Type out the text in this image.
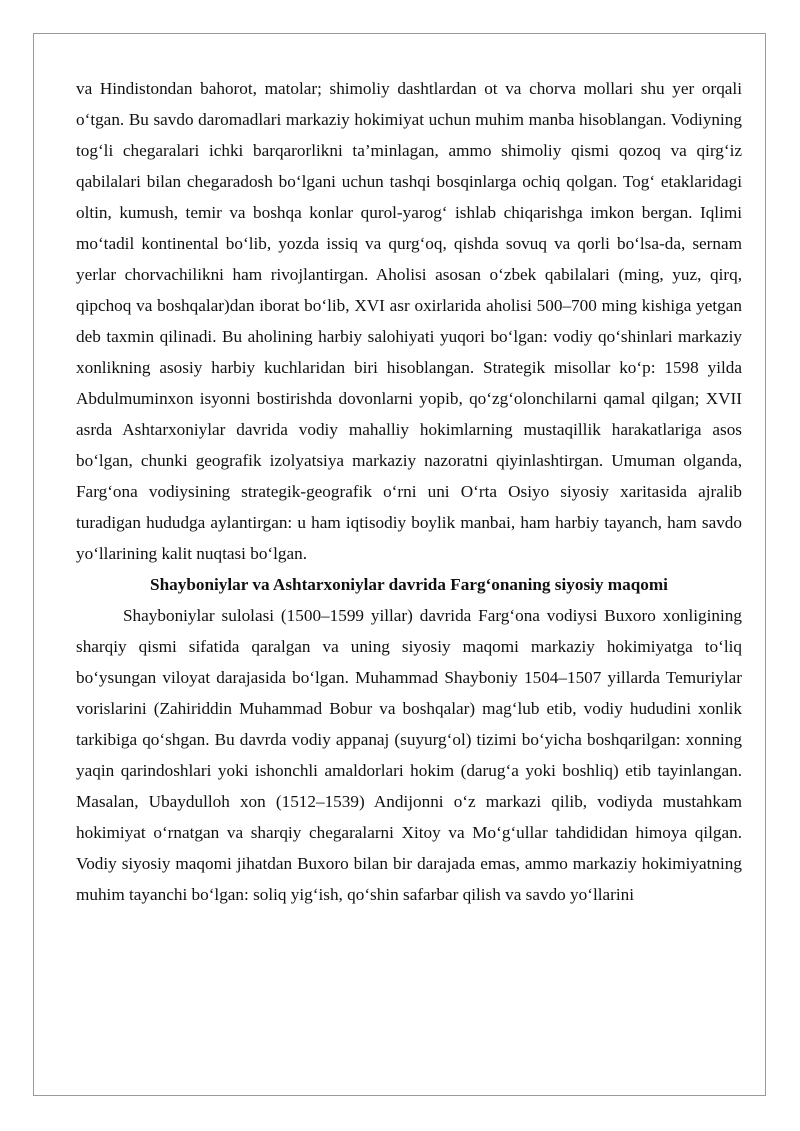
va Hindistondan bahorot, matolar; shimoliy dashtlardan ot va chorva mollari shu yer orqali o‘tgan. Bu savdo daromadlari markaziy hokimiyat uchun muhim manba hisoblangan. Vodiyning tog‘li chegaralari ichki barqarorlikni ta’minlagan, ammo shimoliy qismi qozoq va qirg‘iz qabilalari bilan chegaradosh bo‘lgani uchun tashqi bosqinlarga ochiq qolgan. Tog‘ etaklaridagi oltin, kumush, temir va boshqa konlar qurol-yarog‘ ishlab chiqarishga imkon bergan. Iqlimi mo‘tadil kontinental bo‘lib, yozda issiq va qurg‘oq, qishda sovuq va qorli bo‘lsa-da, sernam yerlar chorvachilikni ham rivojlantirgan. Aholisi asosan o‘zbek qabilalari (ming, yuz, qirq, qipchoq va boshqalar)dan iborat bo‘lib, XVI asr oxirlarida aholisi 500–700 ming kishiga yetgan deb taxmin qilinadi. Bu aholining harbiy salohiyati yuqori bo‘lgan: vodiy qo‘shinlari markaziy xonlikning asosiy harbiy kuchlaridan biri hisoblangan. Strategik misollar ko‘p: 1598 yilda Abdulmuminxon isyonni bostirishda dovonlarni yopib, qo‘zg‘olonchilarni qamal qilgan; XVII asrda Ashtarxoniylar davrida vodiy mahalliy hokimlarning mustaqillik harakatlariga asos bo‘lgan, chunki geografik izolyatsiya markaziy nazoratni qiyinlashtirgan. Umuman olganda, Farg‘ona vodiysining strategik-geografik o‘rni uni O‘rta Osiyo siyosiy xaritasida ajralib turadigan hududga aylantirgan: u ham iqtisodiy boylik manbai, ham harbiy tayanch, ham savdo yo‘llarining kalit nuqtasi bo‘lgan.

Shayboniylar va Ashtarxoniylar davrida Farg‘onaning siyosiy maqomi

Shayboniylar sulolasi (1500–1599 yillar) davrida Farg‘ona vodiysi Buxoro xonligining sharqiy qismi sifatida qaralgan va uning siyosiy maqomi markaziy hokimiyatga to‘liq bo‘ysungan viloyat darajasida bo‘lgan. Muhammad Shayboniy 1504–1507 yillarda Temuriylar vorislarini (Zahiriddin Muhammad Bobur va boshqalar) mag‘lub etib, vodiy hududini xonlik tarkibiga qo‘shgan. Bu davrda vodiy appanaj (suyurg‘ol) tizimi bo‘yicha boshqarilgan: xonning yaqin qarindoshlari yoki ishonchli amaldorlari hokim (darug‘a yoki boshliq) etib tayinlangan. Masalan, Ubaydulloh xon (1512–1539) Andijonni o‘z markazi qilib, vodiyda mustahkam hokimiyat o‘rnatgan va sharqiy chegaralarni Xitoy va Mo‘g‘ullar tahdididan himoya qilgan. Vodiy siyosiy maqomi jihatdan Buxoro bilan bir darajada emas, ammo markaziy hokimiyatning muhim tayanchi bo‘lgan: soliq yig‘ish, qo‘shin safarbar qilish va savdo yo‘llarini
